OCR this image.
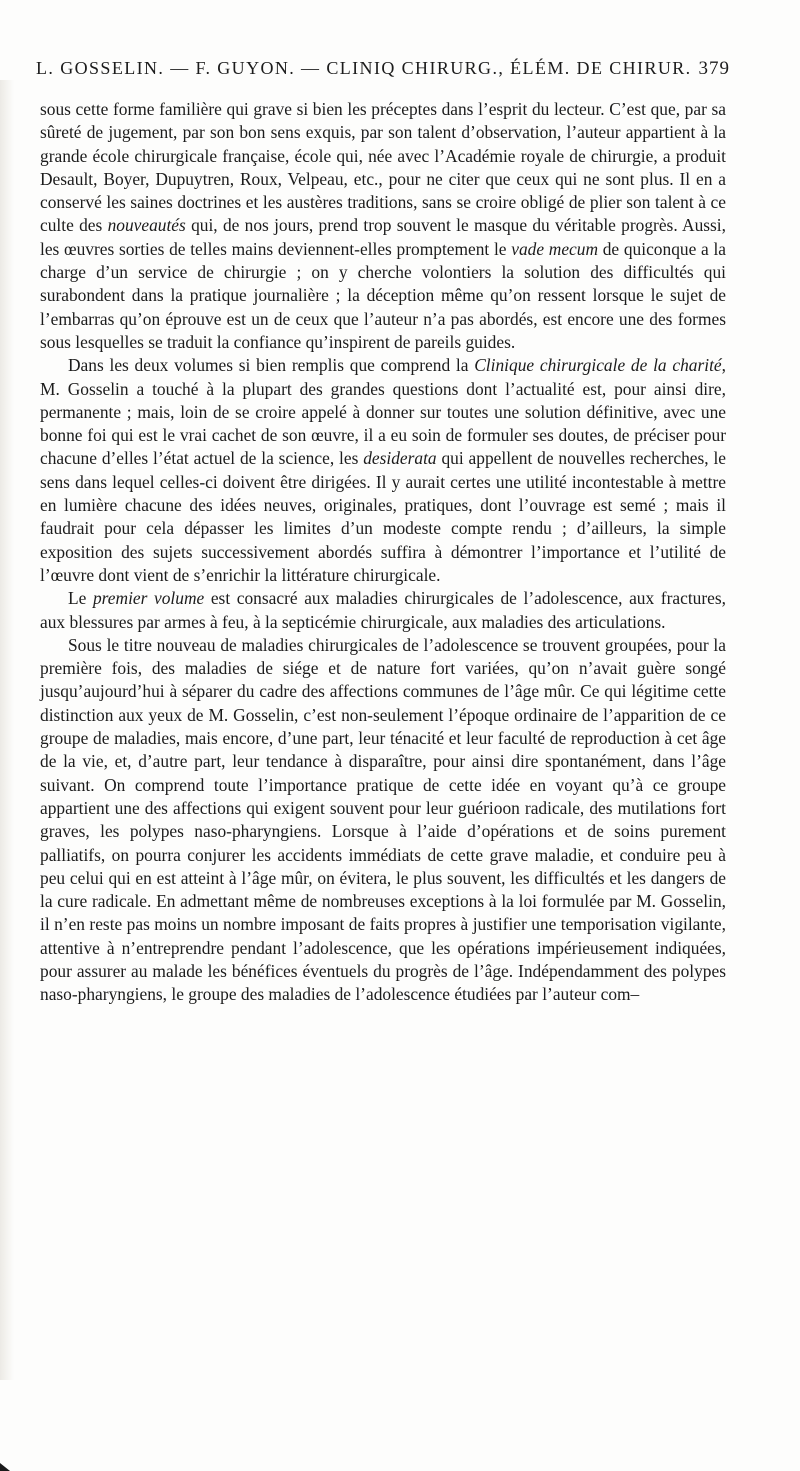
L. GOSSELIN. — F. GUYON. — CLINIQ CHIRURG., ÉLÉM. DE CHIRUR. 379

sous cette forme familière qui grave si bien les préceptes dans l’esprit du lecteur. C’est que, par sa sûreté de jugement, par son bon sens exquis, par son talent d’observation, l’auteur appartient à la grande école chirurgicale française, école qui, née avec l’Académie royale de chirurgie, a produit Desault, Boyer, Dupuytren, Roux, Velpeau, etc., pour ne citer que ceux qui ne sont plus. Il en a conservé les saines doctrines et les austères traditions, sans se croire obligé de plier son talent à ce culte des nouveautés qui, de nos jours, prend trop souvent le masque du véritable progrès. Aussi, les œuvres sorties de telles mains deviennent-elles promptement le vade mecum de quiconque a la charge d’un service de chirurgie ; on y cherche volontiers la solution des difficultés qui surabondent dans la pratique journalière ; la déception même qu’on ressent lorsque le sujet de l’embarras qu’on éprouve est un de ceux que l’auteur n’a pas abordés, est encore une des formes sous lesquelles se traduit la confiance qu’inspirent de pareils guides.

Dans les deux volumes si bien remplis que comprend la Clinique chirurgicale de la charité, M. Gosselin a touché à la plupart des grandes questions dont l’actualité est, pour ainsi dire, permanente ; mais, loin de se croire appelé à donner sur toutes une solution définitive, avec une bonne foi qui est le vrai cachet de son œuvre, il a eu soin de formuler ses doutes, de préciser pour chacune d’elles l’état actuel de la science, les desiderata qui appellent de nouvelles recherches, le sens dans lequel celles-ci doivent être dirigées. Il y aurait certes une utilité incontestable à mettre en lumière chacune des idées neuves, originales, pratiques, dont l’ouvrage est semé ; mais il faudrait pour cela dépasser les limites d’un modeste compte rendu ; d’ailleurs, la simple exposition des sujets successivement abordés suffira à démontrer l’importance et l’utilité de l’œuvre dont vient de s’enrichir la littérature chirurgicale.

Le premier volume est consacré aux maladies chirurgicales de l’adolescence, aux fractures, aux blessures par armes à feu, à la septicémie chirurgicale, aux maladies des articulations.

Sous le titre nouveau de maladies chirurgicales de l’adolescence se trouvent groupées, pour la première fois, des maladies de siége et de nature fort variées, qu’on n’avait guère songé jusqu’aujourd’hui à séparer du cadre des affections communes de l’âge mûr. Ce qui légitime cette distinction aux yeux de M. Gosselin, c’est non-seulement l’époque ordinaire de l’apparition de ce groupe de maladies, mais encore, d’une part, leur ténacité et leur faculté de reproduction à cet âge de la vie, et, d’autre part, leur tendance à disparaître, pour ainsi dire spontanément, dans l’âge suivant. On comprend toute l’importance pratique de cette idée en voyant qu’à ce groupe appartient une des affections qui exigent souvent pour leur guérioon radicale, des mutilations fort graves, les polypes naso-pharyngiens. Lorsque à l’aide d’opérations et de soins purement palliatifs, on pourra conjurer les accidents immédiats de cette grave maladie, et conduire peu à peu celui qui en est atteint à l’âge mûr, on évitera, le plus souvent, les difficultés et les dangers de la cure radicale. En admettant même de nombreuses exceptions à la loi formulée par M. Gosselin, il n’en reste pas moins un nombre imposant de faits propres à justifier une temporisation vigilante, attentive à n’entreprendre pendant l’adolescence, que les opérations impérieusement indiquées, pour assurer au malade les bénéfices éventuels du progrès de l’âge. Indépendamment des polypes naso-pharyngiens, le groupe des maladies de l’adolescence étudiées par l’auteur com–
